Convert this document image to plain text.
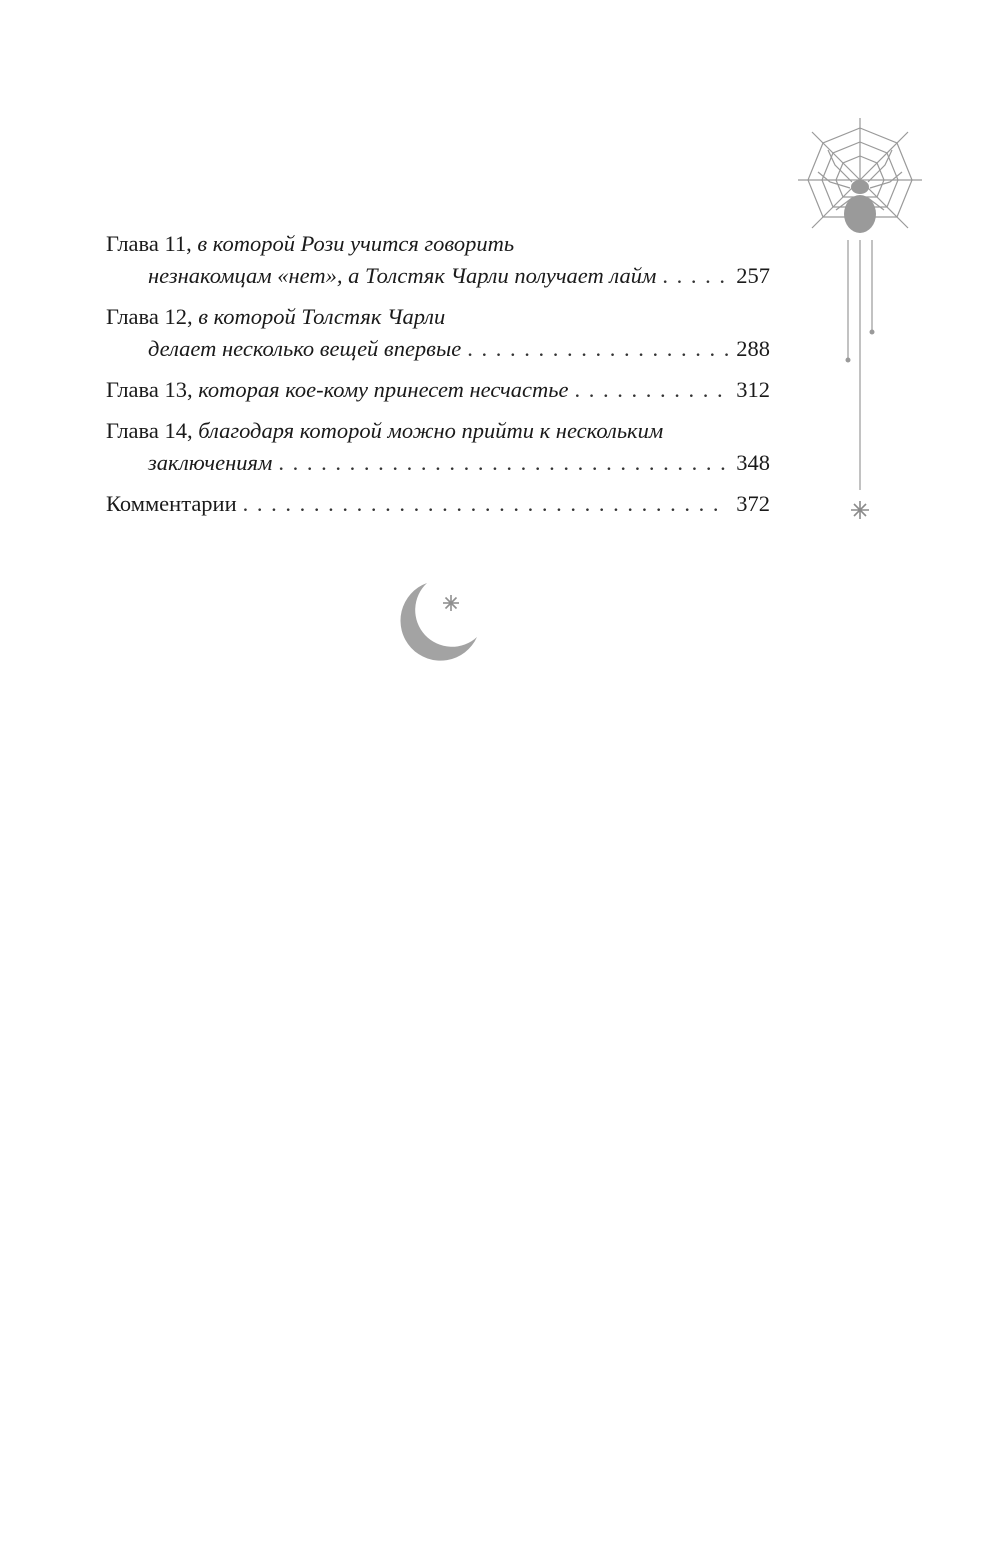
Глава 11,
в которой Рози учится говорить
незнакомцам «нет», а Толстяк Чарли получает лайм . . .	257
Глава 12,
в которой Толстяк Чарли
делает несколько вещей впервые . . .	288
Глава 13,
которая кое-кому принесет несчастье . . .	312
Глава 14,
благодаря которой можно прийти к нескольким
заключениям . . .	348
Комментарии . . .	372
